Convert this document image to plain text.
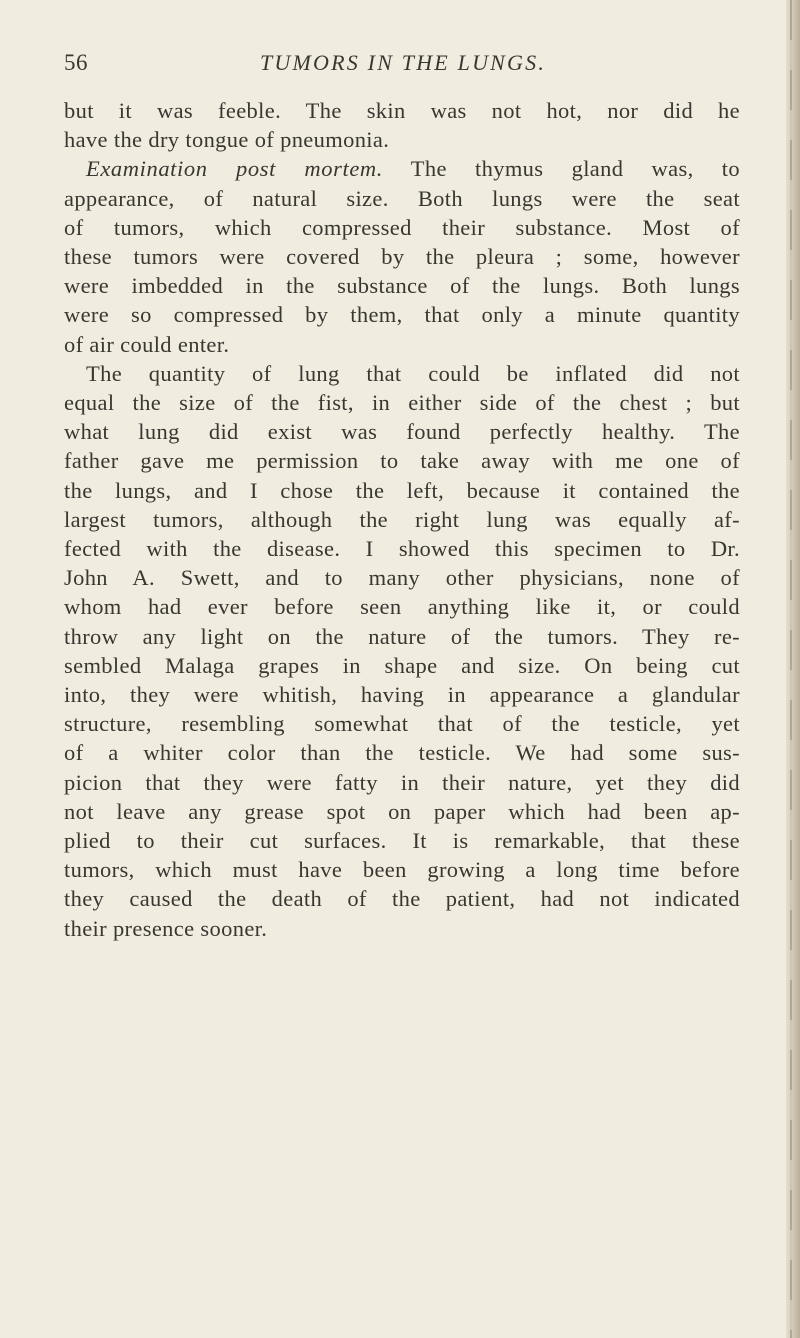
56	TUMORS IN THE LUNGS.
but it was feeble. The skin was not hot, nor did he
have the dry tongue of pneumonia.
Examination post mortem. The thymus gland was, to
appearance, of natural size. Both lungs were the seat
of tumors, which compressed their substance. Most of
these tumors were covered by the pleura ; some, however
were imbedded in the substance of the lungs. Both lungs
were so compressed by them, that only a minute quantity
of air could enter.
The quantity of lung that could be inflated did not
equal the size of the fist, in either side of the chest ; but
what lung did exist was found perfectly healthy. The
father gave me permission to take away with me one of
the lungs, and I chose the left, because it contained the
largest tumors, although the right lung was equally af-
fected with the disease. I showed this specimen to Dr.
John A. Swett, and to many other physicians, none of
whom had ever before seen anything like it, or could
throw any light on the nature of the tumors. They re-
sembled Malaga grapes in shape and size. On being cut
into, they were whitish, having in appearance a glandular
structure, resembling somewhat that of the testicle, yet
of a whiter color than the testicle. We had some sus-
picion that they were fatty in their nature, yet they did
not leave any grease spot on paper which had been ap-
plied to their cut surfaces. It is remarkable, that these
tumors, which must have been growing a long time before
they caused the death of the patient, had not indicated
their presence sooner.
